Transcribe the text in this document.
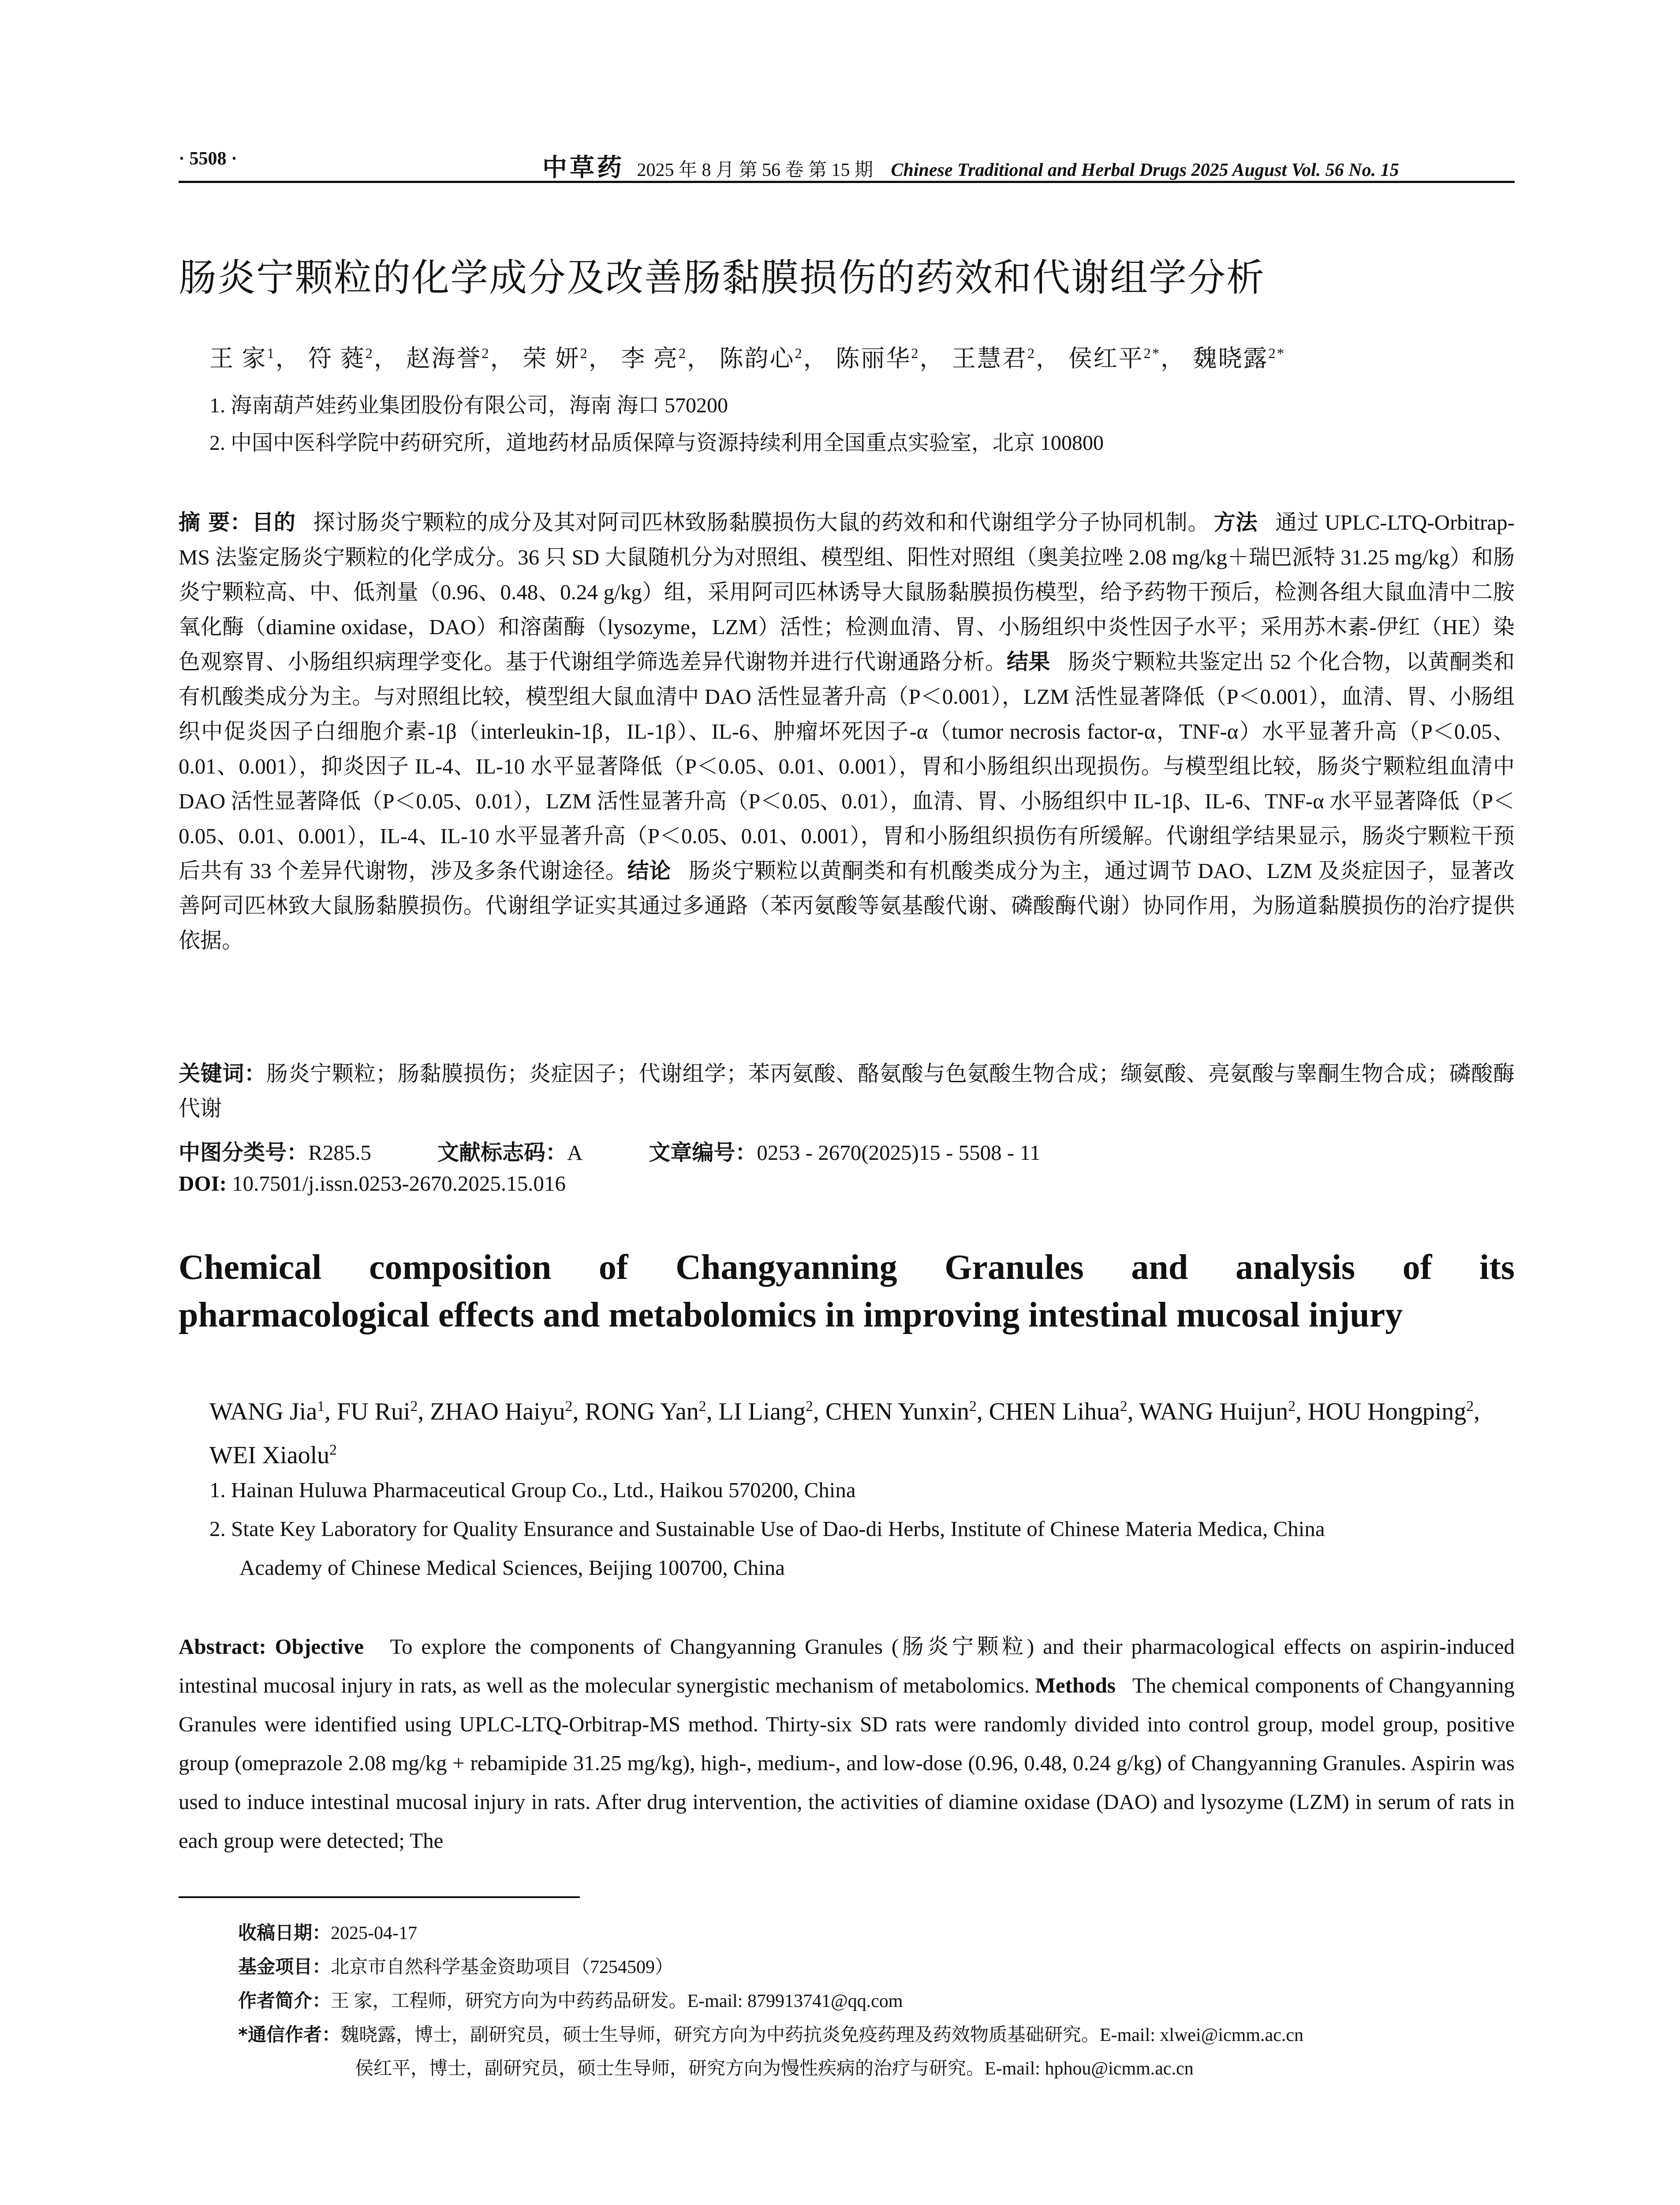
· 5508 ·	中草药 2025 年 8 月 第 56 卷 第 15 期 Chinese Traditional and Herbal Drugs 2025 August Vol. 56 No. 15
肠炎宁颗粒的化学成分及改善肠黏膜损伤的药效和代谢组学分析
王 家$^1$， 符 蕤$^2$， 赵海誉$^2$， 荣 妍$^2$， 李 亮$^2$， 陈韵心$^2$， 陈丽华$^2$， 王慧君$^2$， 侯红平$^{2*}$， 魏晓露$^{2*}$
1. 海南葫芦娃药业集团股份有限公司，海南 海口 570200
2. 中国中医科学院中药研究所，道地药材品质保障与资源持续利用全国重点实验室，北京 100800
摘 要：目的 探讨肠炎宁颗粒的成分及其对阿司匹林致肠黏膜损伤大鼠的药效和和代谢组学分子协同机制。 方法 通过 UPLC-LTQ-Orbitrap-MS 法鉴定肠炎宁颗粒的化学成分。36 只 SD 大鼠随机分为对照组、模型组、阳性对照组（奥美拉唑 2.08 mg/kg＋瑞巴派特 31.25 mg/kg）和肠炎宁颗粒高、中、低剂量（0.96、0.48、0.24 g/kg）组，采用阿司匹林诱导大鼠肠黏膜损伤模型，给予药物干预后，检测各组大鼠血清中二胺氧化酶（diamine oxidase，DAO）和溶菌酶（lysozyme，LZM）活性；检测血清、胃、小肠组织中炎性因子水平；采用苏木素-伊红（HE）染色观察胃、小肠组织病理学变化。基于代谢组学筛选差异代谢物并进行代谢通路分析。结果 肠炎宁颗粒共鉴定出 52 个化合物，以黄酮类和有机酸类成分为主。与对照组比较，模型组大鼠血清中 DAO 活性显著升高（P＜0.001），LZM 活性显著降低（P＜0.001），血清、胃、小肠组织中促炎因子白细胞介素-1β（interleukin-1β，IL-1β）、IL-6、肿瘤坏死因子-α（tumor necrosis factor-α，TNF-α）水平显著升高（P＜0.05、0.01、0.001），抑炎因子 IL-4、IL-10 水平显著降低（P＜0.05、0.01、0.001），胃和小肠组织出现损伤。与模型组比较，肠炎宁颗粒组血清中 DAO 活性显著降低（P＜0.05、0.01），LZM 活性显著升高（P＜0.05、0.01），血清、胃、小肠组织中 IL-1β、IL-6、TNF-α 水平显著降低（P＜0.05、0.01、0.001），IL-4、IL-10 水平显著升高（P＜0.05、0.01、0.001），胃和小肠组织损伤有所缓解。代谢组学结果显示，肠炎宁颗粒干预后共有 33 个差异代谢物，涉及多条代谢途径。结论 肠炎宁颗粒以黄酮类和有机酸类成分为主，通过调节 DAO、LZM 及炎症因子，显著改善阿司匹林致大鼠肠黏膜损伤。代谢组学证实其通过多通路（苯丙氨酸等氨基酸代谢、磷酸酶代谢）协同作用，为肠道黏膜损伤的治疗提供依据。
关键词：肠炎宁颗粒；肠黏膜损伤；炎症因子；代谢组学；苯丙氨酸、酪氨酸与色氨酸生物合成；缬氨酸、亮氨酸与睾酮生物合成；磷酸酶代谢
中图分类号：R285.5	文献标志码：A	文章编号：0253 - 2670(2025)15 - 5508 - 11
DOI: 10.7501/j.issn.0253-2670.2025.15.016
Chemical composition of Changyanning Granules and analysis of its
pharmacological effects and metabolomics in improving intestinal mucosal injury
WANG Jia$^1$, FU Rui$^2$, ZHAO Haiyu$^2$, RONG Yan$^2$, LI Liang$^2$, CHEN Yunxin$^2$, CHEN Lihua$^2$, WANG Huijun$^2$, HOU Hongping$^2$, WEI Xiaolu$^2$
1. Hainan Huluwa Pharmaceutical Group Co., Ltd., Haikou 570200, China
2. State Key Laboratory for Quality Ensurance and Sustainable Use of Dao-di Herbs, Institute of Chinese Materia Medica, China
Academy of Chinese Medical Sciences, Beijing 100700, China
Abstract: Objective To explore the components of Changyanning Granules (肠炎宁颗粒) and their pharmacological effects on aspirin-induced intestinal mucosal injury in rats, as well as the molecular synergistic mechanism of metabolomics. Methods The chemical components of Changyanning Granules were identified using UPLC-LTQ-Orbitrap-MS method. Thirty-six SD rats were randomly divided into control group, model group, positive group (omeprazole 2.08 mg/kg + rebamipide 31.25 mg/kg), high-, medium-, and low-dose (0.96, 0.48, 0.24 g/kg) of Changyanning Granules. Aspirin was used to induce intestinal mucosal injury in rats. After drug intervention, the activities of diamine oxidase (DAO) and lysozyme (LZM) in serum of rats in each group were detected; The
收稿日期：2025-04-17
基金项目：北京市自然科学基金资助项目（7254509）
作者简介：王 家，工程师，研究方向为中药药品研发。E-mail: 879913741@qq.com
*通信作者：魏晓露，博士，副研究员，硕士生导师，研究方向为中药抗炎免疫药理及药效物质基础研究。E-mail: xlwei@icmm.ac.cn
侯红平，博士，副研究员，硕士生导师，研究方向为慢性疾病的治疗与研究。E-mail: hphou@icmm.ac.cn
